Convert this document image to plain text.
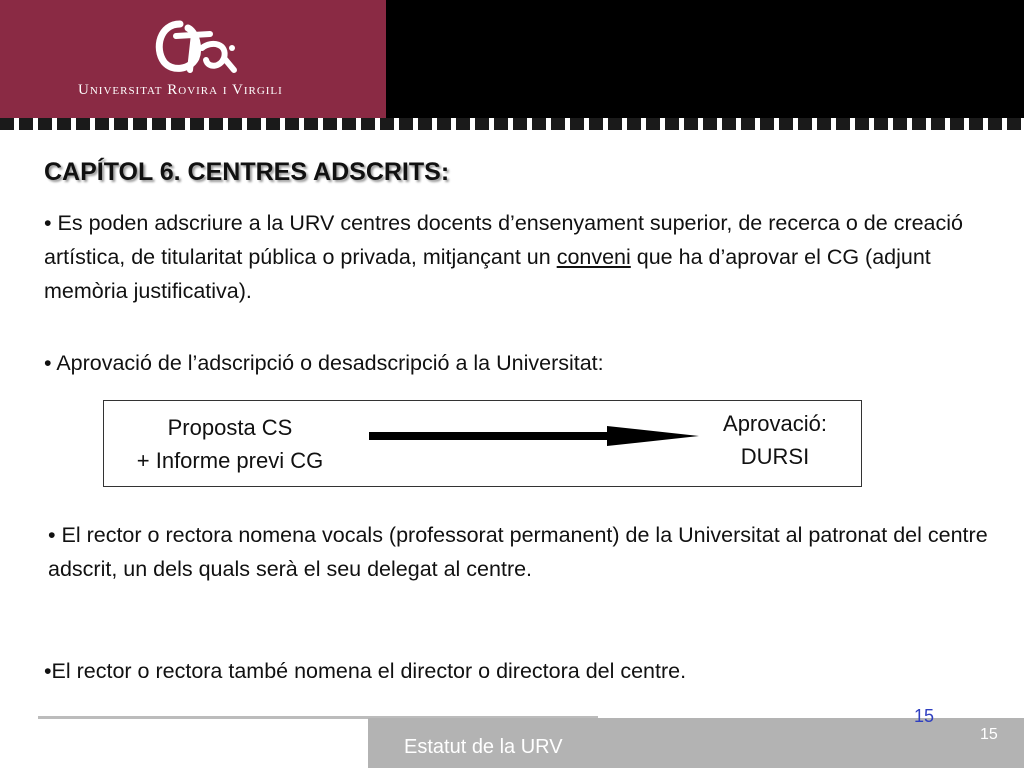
Universitat Rovira i Virgili
CAPÍTOL 6. CENTRES ADSCRITS:
• Es poden adscriure a la URV centres docents d’ensenyament superior, de recerca o de creació artística, de titularitat pública o privada, mitjançant un conveni que ha d’aprovar el CG (adjunt memòria justificativa).
• Aprovació de l’adscripció o desadscripció a la Universitat:
Proposta CS
+ Informe previ CG
Aprovació:
DURSI
• El rector o rectora nomena vocals (professorat permanent) de la Universitat al patronat del centre adscrit, un dels quals serà el seu delegat al centre.
•El rector o rectora també nomena el director o directora del centre.
Estatut de la URV
15
15
